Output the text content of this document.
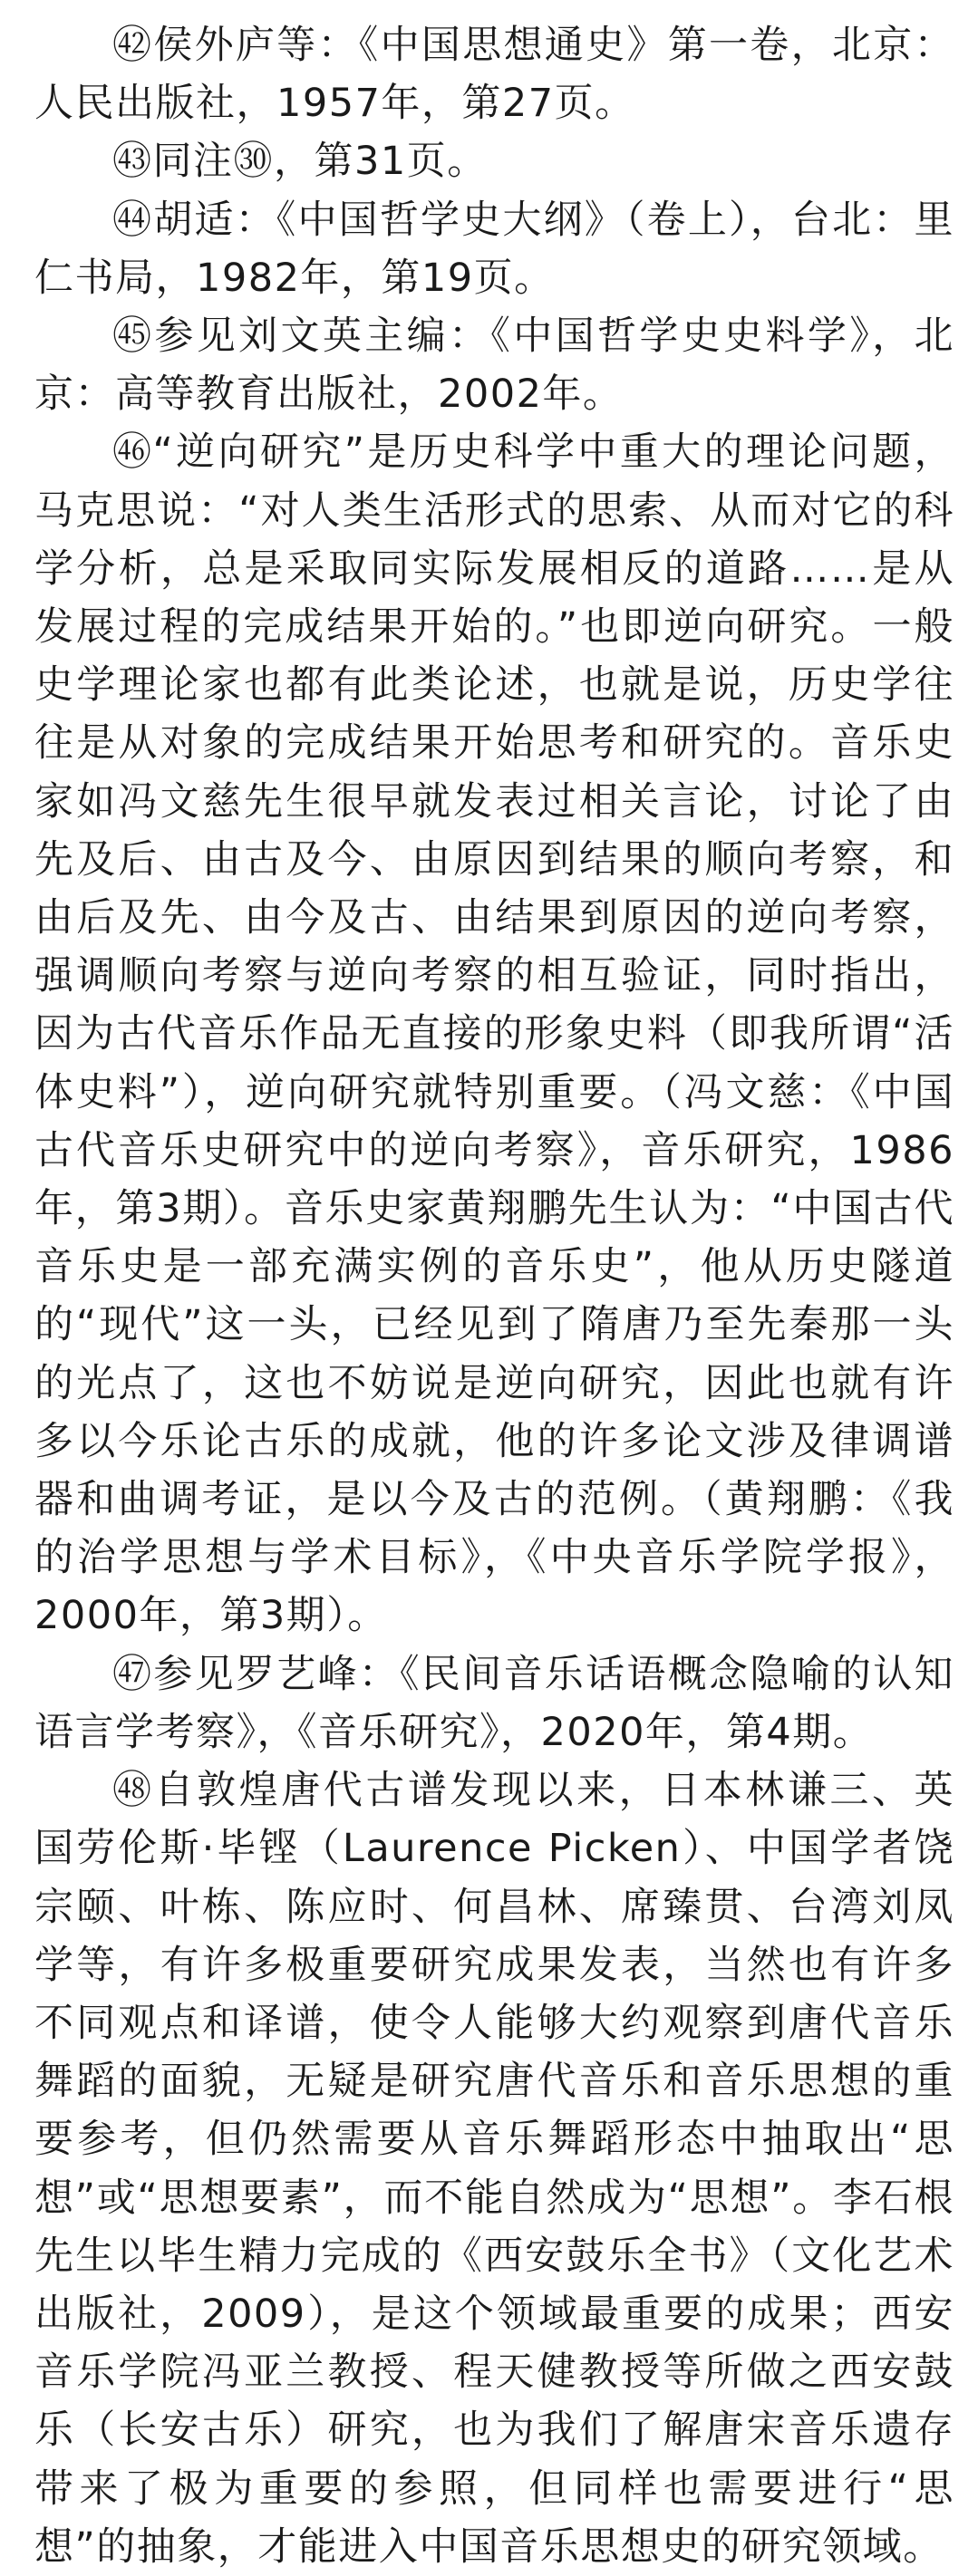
㊷侯外庐等：《中国思想通史》第一卷，北京：人民出版社，1957年，第27页。

㊸同注㉚，第31页。

㊹胡适：《中国哲学史大纲》（卷上），台北：里仁书局，1982年，第19页。

㊺参见刘文英主编：《中国哲学史史料学》，北京：高等教育出版社，2002年。

㊻“逆向研究”是历史科学中重大的理论问题，马克思说：“对人类生活形式的思索、从而对它的科学分析，总是采取同实际发展相反的道路……是从发展过程的完成结果开始的。”也即逆向研究。一般史学理论家也都有此类论述，也就是说，历史学往往是从对象的完成结果开始思考和研究的。音乐史家如冯文慈先生很早就发表过相关言论，讨论了由先及后、由古及今、由原因到结果的顺向考察，和由后及先、由今及古、由结果到原因的逆向考察，强调顺向考察与逆向考察的相互验证，同时指出，因为古代音乐作品无直接的形象史料（即我所谓“活体史料”），逆向研究就特别重要。（冯文慈：《中国古代音乐史研究中的逆向考察》，音乐研究，1986年，第3期）。音乐史家黄翔鹏先生认为：“中国古代音乐史是一部充满实例的音乐史”，他从历史隧道的“现代”这一头，已经见到了隋唐乃至先秦那一头的光点了，这也不妨说是逆向研究，因此也就有许多以今乐论古乐的成就，他的许多论文涉及律调谱器和曲调考证，是以今及古的范例。（黄翔鹏：《我的治学思想与学术目标》，《中央音乐学院学报》，2000年，第3期）。

㊼参见罗艺峰：《民间音乐话语概念隐喻的认知语言学考察》，《音乐研究》，2020年，第4期。

㊽自敦煌唐代古谱发现以来，日本林谦三、英国劳伦斯·毕铿（Laurence Picken）、中国学者饶宗颐、叶栋、陈应时、何昌林、席臻贯、台湾刘凤学等，有许多极重要研究成果发表，当然也有许多不同观点和译谱，使令人能够大约观察到唐代音乐舞蹈的面貌，无疑是研究唐代音乐和音乐思想的重要参考，但仍然需要从音乐舞蹈形态中抽取出“思想”或“思想要素”，而不能自然成为“思想”。李石根先生以毕生精力完成的《西安鼓乐全书》（文化艺术出版社，2009），是这个领域最重要的成果；西安音乐学院冯亚兰教授、程天健教授等所做之西安鼓乐（长安古乐）研究，也为我们了解唐宋音乐遗存带来了极为重要的参照，但同样也需要进行“思想”的抽象，才能进入中国音乐思想史的研究领域。
